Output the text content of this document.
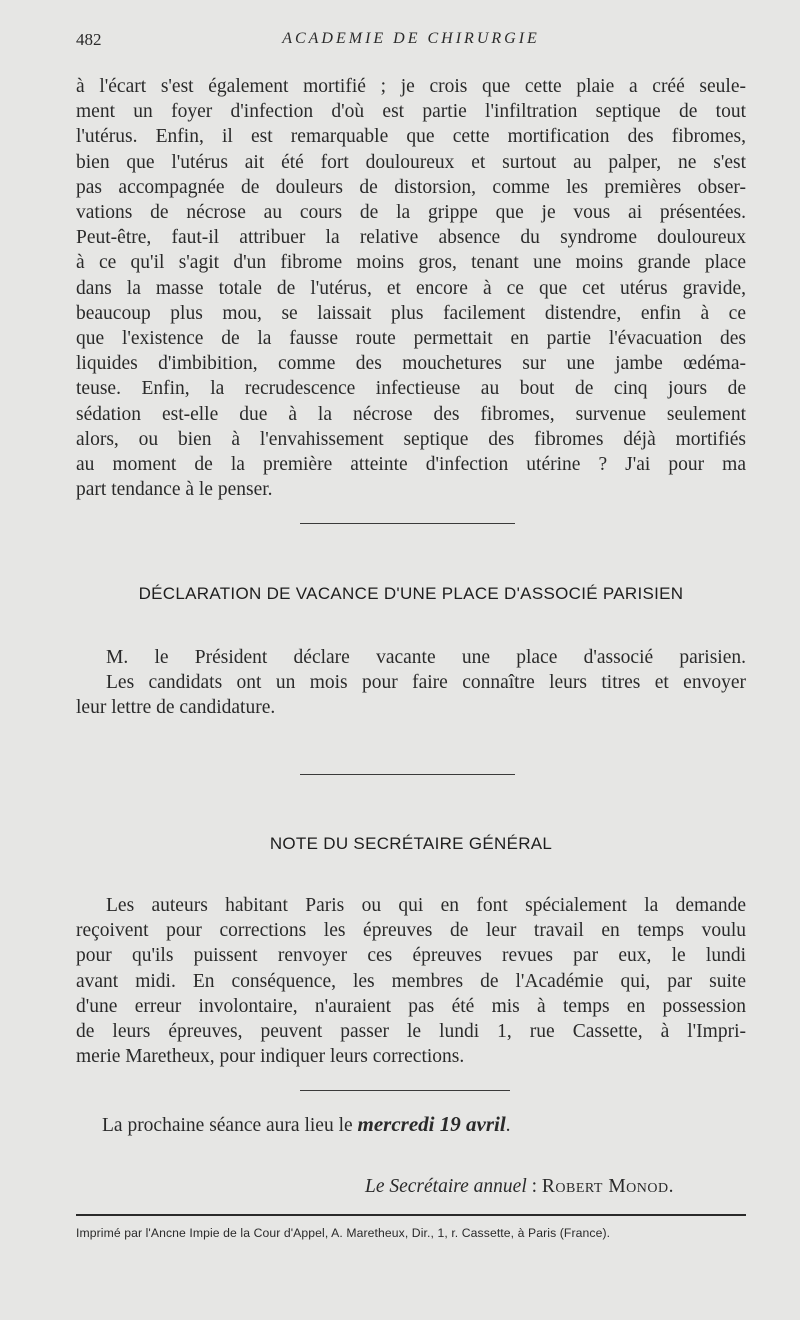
482	ACADEMIE DE CHIRURGIE
à l'écart s'est également mortifié ; je crois que cette plaie a créé seule-
ment un foyer d'infection d'où est partie l'infiltration septique de tout
l'utérus. Enfin, il est remarquable que cette mortification des fibromes,
bien que l'utérus ait été fort douloureux et surtout au palper, ne s'est
pas accompagnée de douleurs de distorsion, comme les premières obser-
vations de nécrose au cours de la grippe que je vous ai présentées.
Peut-être, faut-il attribuer la relative absence du syndrome douloureux
à ce qu'il s'agit d'un fibrome moins gros, tenant une moins grande place
dans la masse totale de l'utérus, et encore à ce que cet utérus gravide,
beaucoup plus mou, se laissait plus facilement distendre, enfin à ce
que l'existence de la fausse route permettait en partie l'évacuation des
liquides d'imbibition, comme des mouchetures sur une jambe œdéma-
teuse. Enfin, la recrudescence infectieuse au bout de cinq jours de
sédation est-elle due à la nécrose des fibromes, survenue seulement
alors, ou bien à l'envahissement septique des fibromes déjà mortifiés
au moment de la première atteinte d'infection utérine ? J'ai pour ma
part tendance à le penser.
DÉCLARATION DE VACANCE D'UNE PLACE D'ASSOCIÉ PARISIEN
M. le Président déclare vacante une place d'associé parisien.
Les candidats ont un mois pour faire connaître leurs titres et envoyer
leur lettre de candidature.
NOTE DU SECRÉTAIRE GÉNÉRAL
Les auteurs habitant Paris ou qui en font spécialement la demande
reçoivent pour corrections les épreuves de leur travail en temps voulu
pour qu'ils puissent renvoyer ces épreuves revues par eux, le lundi
avant midi. En conséquence, les membres de l'Académie qui, par suite
d'une erreur involontaire, n'auraient pas été mis à temps en possession
de leurs épreuves, peuvent passer le lundi 1, rue Cassette, à l'Impri-
merie Maretheux, pour indiquer leurs corrections.
La prochaine séance aura lieu le mercredi 19 avril.
Le Secrétaire annuel : Robert Monod.
Imprimé par l'Ancne Impie de la Cour d'Appel, A. Maretheux, Dir., 1, r. Cassette, à Paris (France).
